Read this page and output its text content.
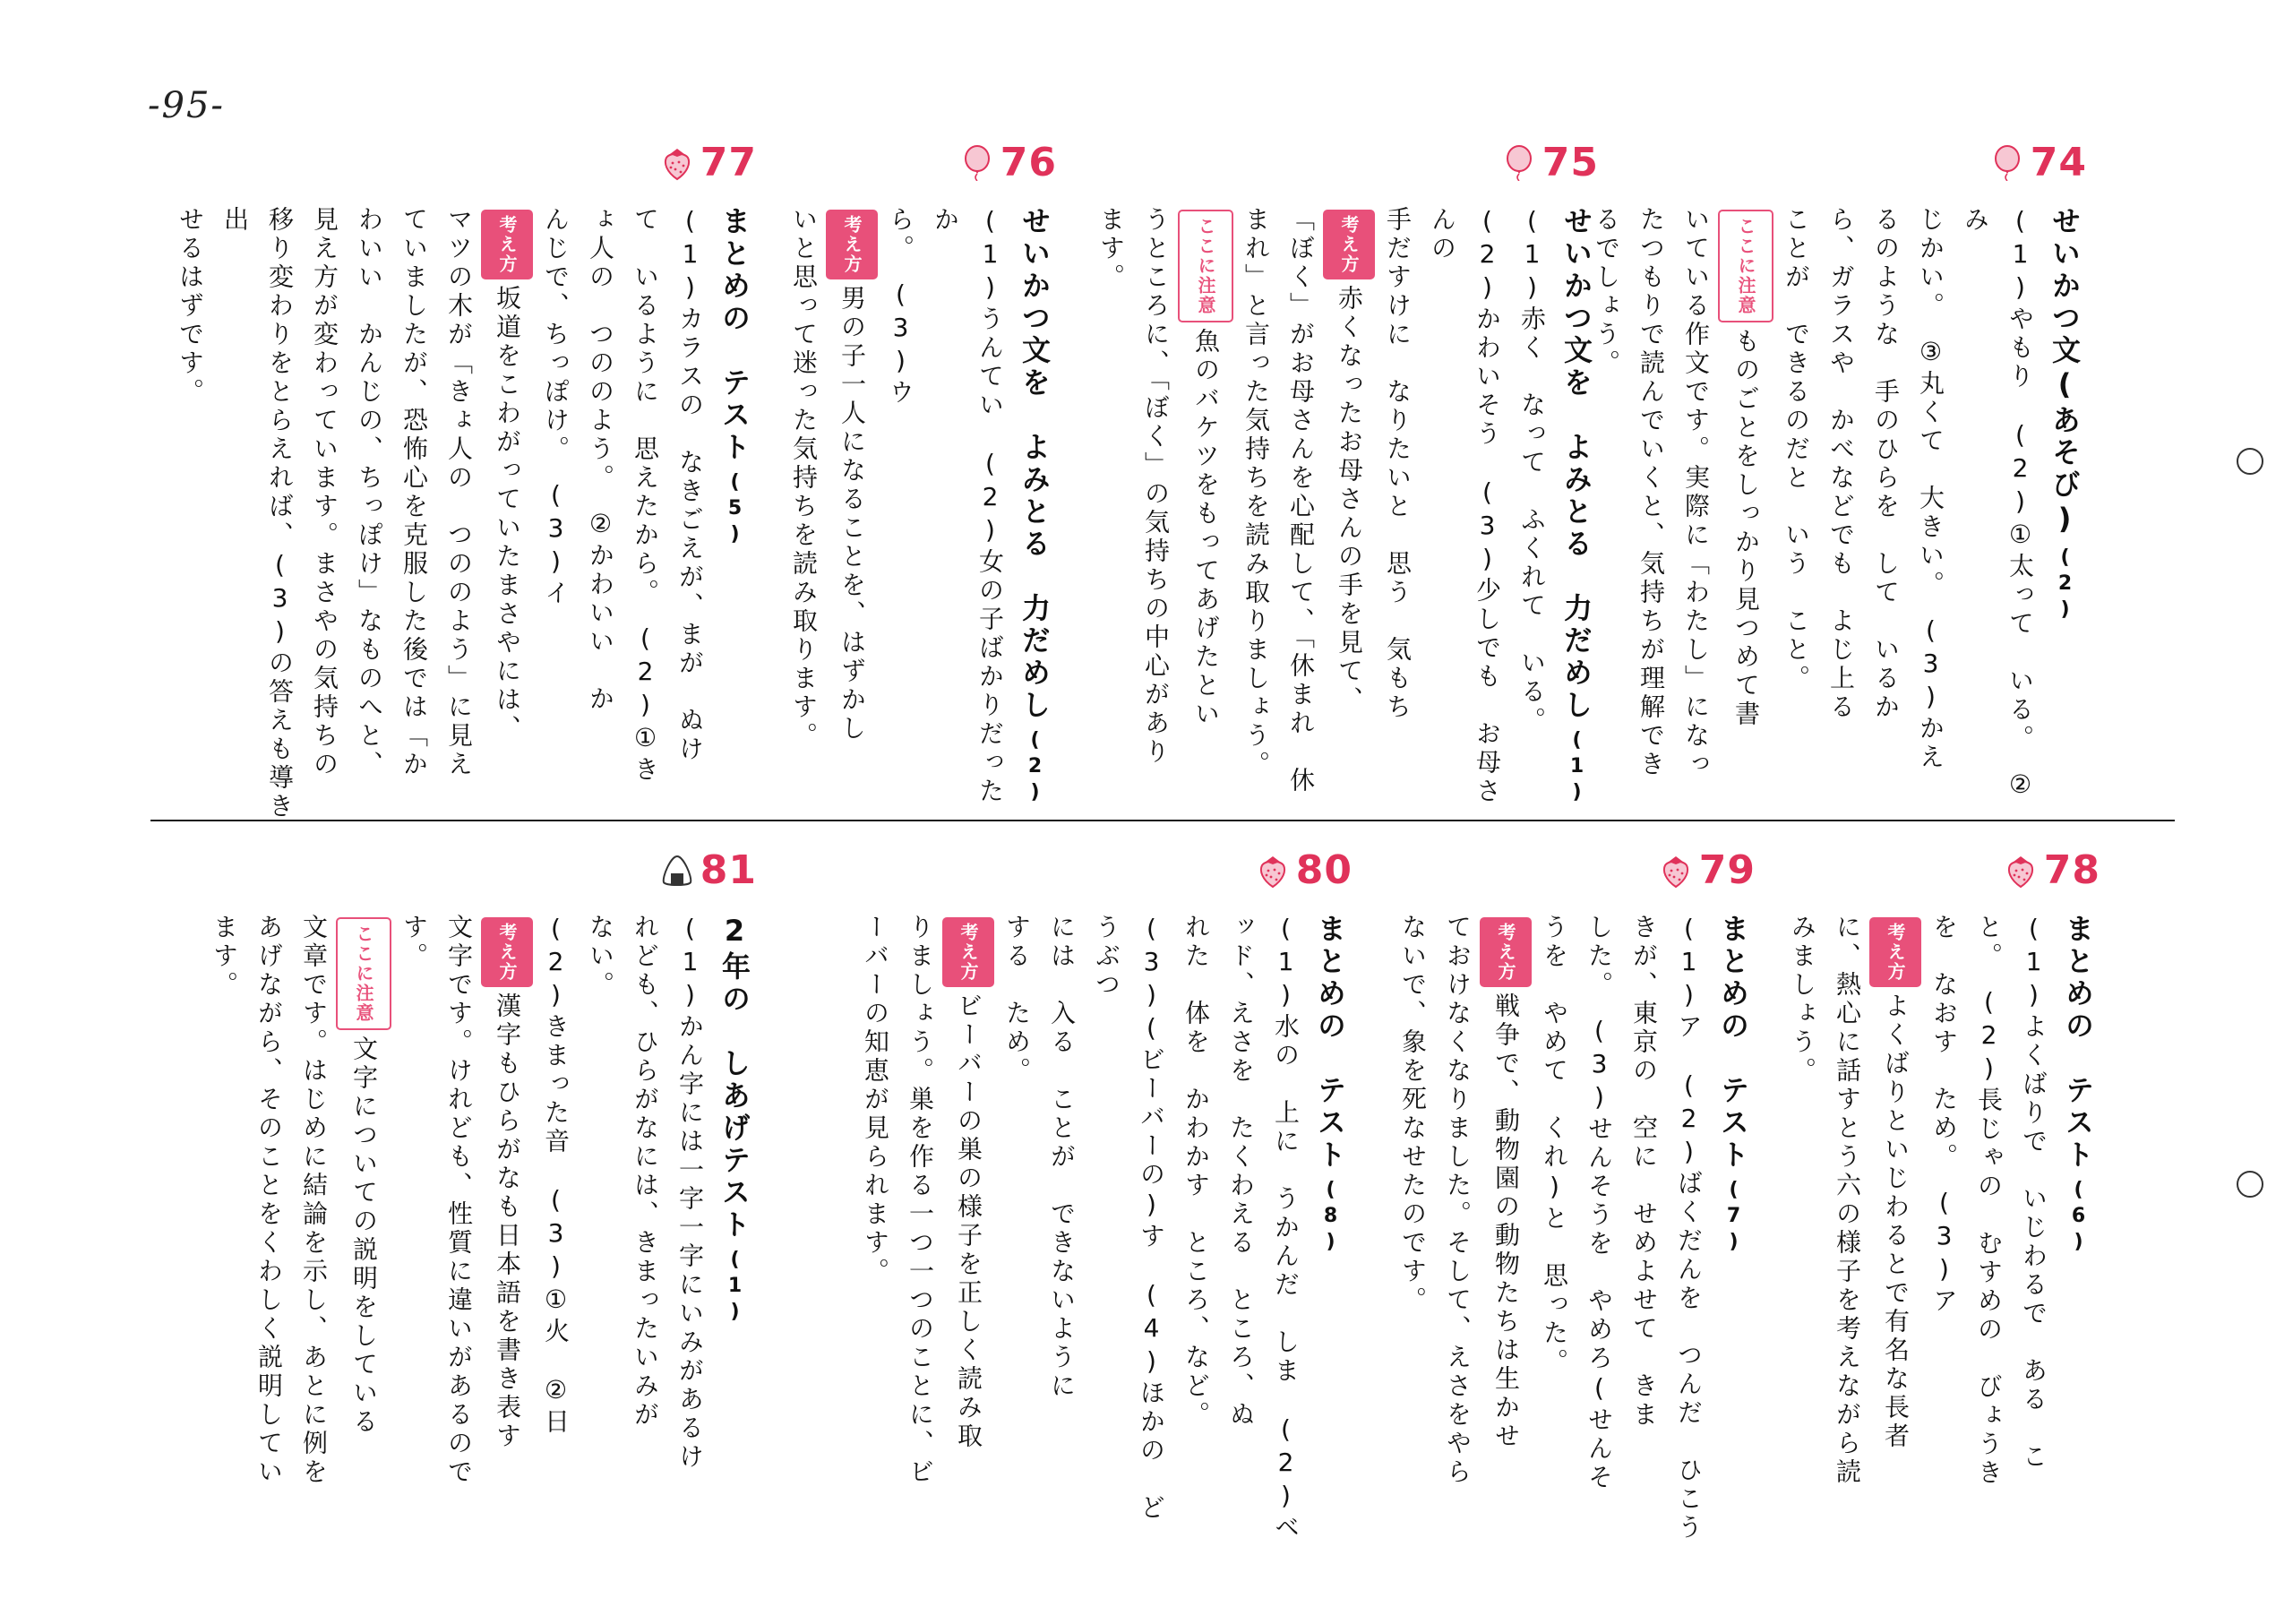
-95-
74
せいかつ文(あそび)(2)
(1)やもり　(2)①太って　いる。　②み
じかい。　③丸くて　大きい。　(3)かえ
るのような　手のひらを　して　いるか
ら、ガラスや　かべなどでも　よじ上る
ことが　できるのだと　いう　こと。
ここに注意ものごとをしっかり見つめて書
いている作文です。実際に「わたし」になっ
たつもりで読んでいくと、気持ちが理解でき
るでしょう。
75
せいかつ文を　よみとる　力だめし(1)
(1)赤く　なって　ふくれて　いる。
(2)かわいそう　(3)少しでも　お母さんの
手だすけに　なりたいと　思う　気もち
考え方赤くなったお母さんの手を見て、
「ぼく」がお母さんを心配して、「休まれ　休
まれ」と言った気持ちを読み取りましょう。
ここに注意魚のバケツをもってあげたとい
うところに、「ぼく」の気持ちの中心があり
ます。
76
せいかつ文を　よみとる　力だめし(2)
(1)うんてい　(2)女の子ばかりだったか
ら。　(3)ウ
考え方男の子一人になることを、はずかし
いと思って迷った気持ちを読み取ります。
77
まとめの　テスト(5)
(1)カラスの　なきごえが、まが　ぬけ
て　いるように　思えたから。　(2)①き
ょ人の　つののよう。　②かわいい　か
んじで、ちっぽけ。　(3)イ
考え方坂道をこわがっていたまさやには、
マツの木が「きょ人の　つののよう」に見え
ていましたが、恐怖心を克服した後では「か
わいい　かんじの、ちっぽけ」なものへと、
見え方が変わっています。まさやの気持ちの
移り変わりをとらえれば、(3)の答えも導き出
せるはずです。
78
まとめの　テスト(6)
(1)よくばりで　いじわるで　ある　こ
と。　(2)長じゃの　むすめの　びょうき
を　なおす　ため。　(3)ア
考え方よくばりといじわるとで有名な長者
に、熱心に話すとう六の様子を考えながら読
みましょう。
79
まとめの　テスト(7)
(1)ア　(2)ばくだんを　つんだ　ひこう
きが、東京の　空に　せめよせて　きま
した。　(3)せんそうを　やめろ(せんそ
うを　やめて　くれ)と　思った。
考え方戦争で、動物園の動物たちは生かせ
ておけなくなりました。そして、えさをやら
ないで、象を死なせたのです。
80
まとめの　テスト(8)
(1)水の　上に　うかんだ　しま　(2)ベ
ッド、えさを　たくわえる　ところ、ぬ
れた　体を　かわかす　ところ、など。
(3)(ビーバーの)す　(4)ほかの　どうぶつ
には　入る　ことが　できないように
する　ため。
考え方ビーバーの巣の様子を正しく読み取
りましょう。巣を作る一つ一つのことに、ビ
ーバーの知恵が見られます。
81
2年の　しあげテスト(1)
(1)かん字には一字一字にいみがあるけ
れども、ひらがなには、きまったいみが
ない。
(2)きまった音　(3)①火　②日
考え方漢字もひらがなも日本語を書き表す
文字です。けれども、性質に違いがあるので
す。
ここに注意文字についての説明をしている
文章です。はじめに結論を示し、あとに例を
あげながら、そのことをくわしく説明してい
ます。
